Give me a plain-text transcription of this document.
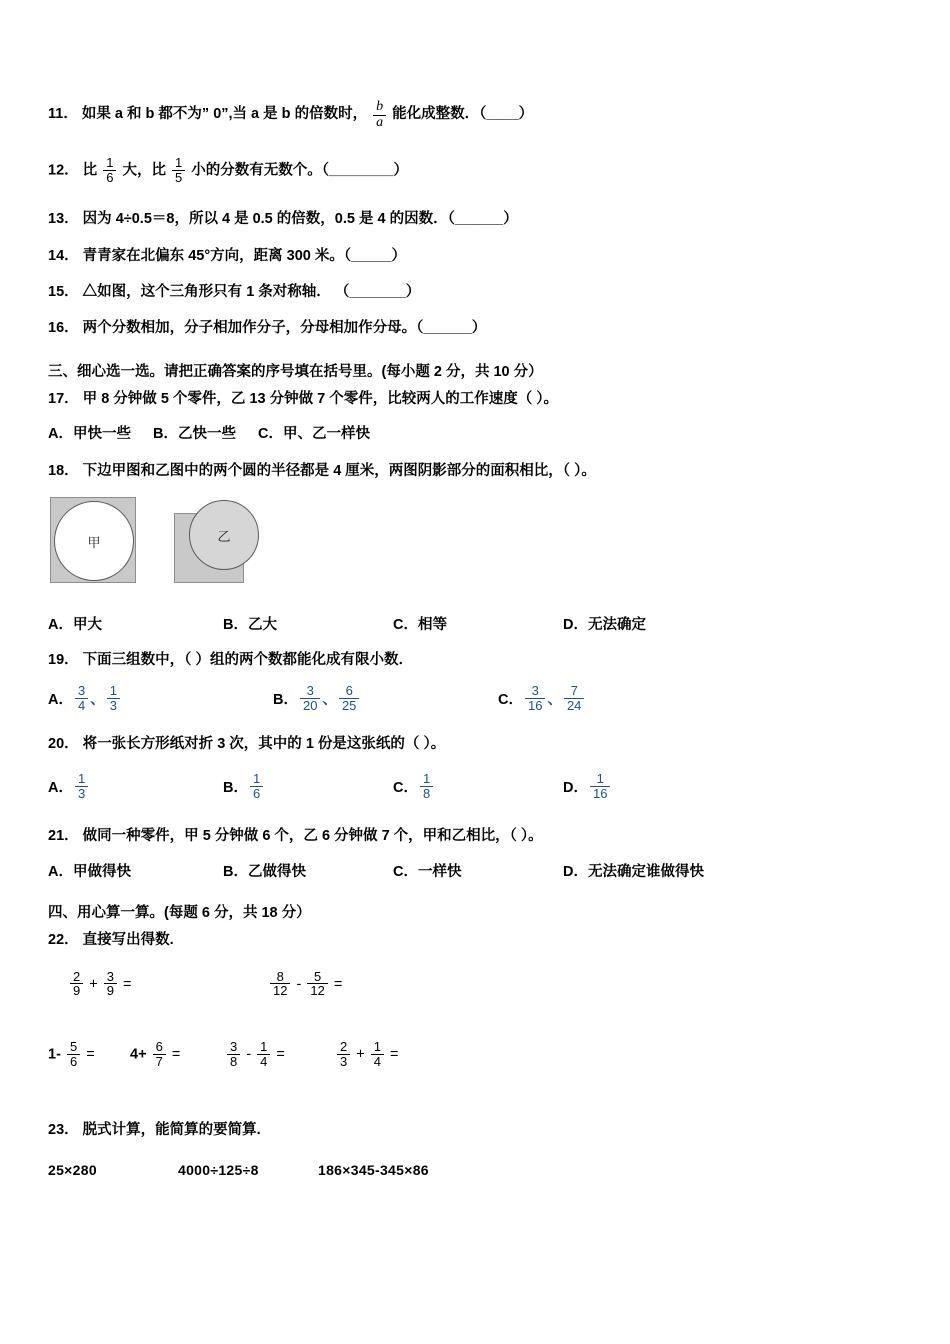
11． 如果 a 和 b 都不为” 0”,当 a 是 b 的倍数时， $\frac{b}{a}$ 能化成整数．（____）
12． 比 $\frac{1}{6}$ 大，比 $\frac{1}{5}$ 小的分数有无数个。（________）
13． 因为 4÷0.5＝8，所以 4 是 0.5 的倍数，0.5 是 4 的因数．（______）
14． 青青家在北偏东 45°方向，距离 300 米。（_____）
15． △如图，这个三角形只有 1 条对称轴． （_______）
16． 两个分数相加，分子相加作分子，分母相加作分母。（______）
三、细心选一选。请把正确答案的序号填在括号里。(每小题 2 分，共 10 分）
17． 甲 8 分钟做 5 个零件，乙 13 分钟做 7 个零件，比较两人的工作速度（ ）。
A．甲快一些 B．乙快一些 C．甲、乙一样快
18． 下边甲图和乙图中的两个圆的半径都是 4 厘米，两图阴影部分的面积相比，（ ）。
甲	乙
A．甲大	B．乙大	C．相等	D．无法确定
19． 下面三组数中，（ ）组的两个数都能化成有限小数．
A． $\frac{3}{4}$ 、 $\frac{1}{3}$	B． $\frac{3}{20}$ 、 $\frac{6}{25}$	C． $\frac{3}{16}$ 、 $\frac{7}{24}$
20． 将一张长方形纸对折 3 次，其中的 1 份是这张纸的（ ）。
A． $\frac{1}{3}$	B． $\frac{1}{6}$	C． $\frac{1}{8}$	D． $\frac{1}{16}$
21． 做同一种零件，甲 5 分钟做 6 个，乙 6 分钟做 7 个，甲和乙相比，（ ）。
A．甲做得快	B．乙做得快	C．一样快	D．无法确定谁做得快
四、用心算一算。(每题 6 分，共 18 分）
22． 直接写出得数.
$\frac{2}{9} + \frac{3}{9}$ =	$\frac{8}{12} - \frac{5}{12}$ =
$1- \frac{5}{6}$ =	$4+ \frac{6}{7}$ =	$\frac{3}{8} - \frac{1}{4}$ =	$\frac{2}{3} + \frac{1}{4}$ =
23． 脱式计算，能简算的要简算.
25×280	4000÷125÷8	186×345-345×86
